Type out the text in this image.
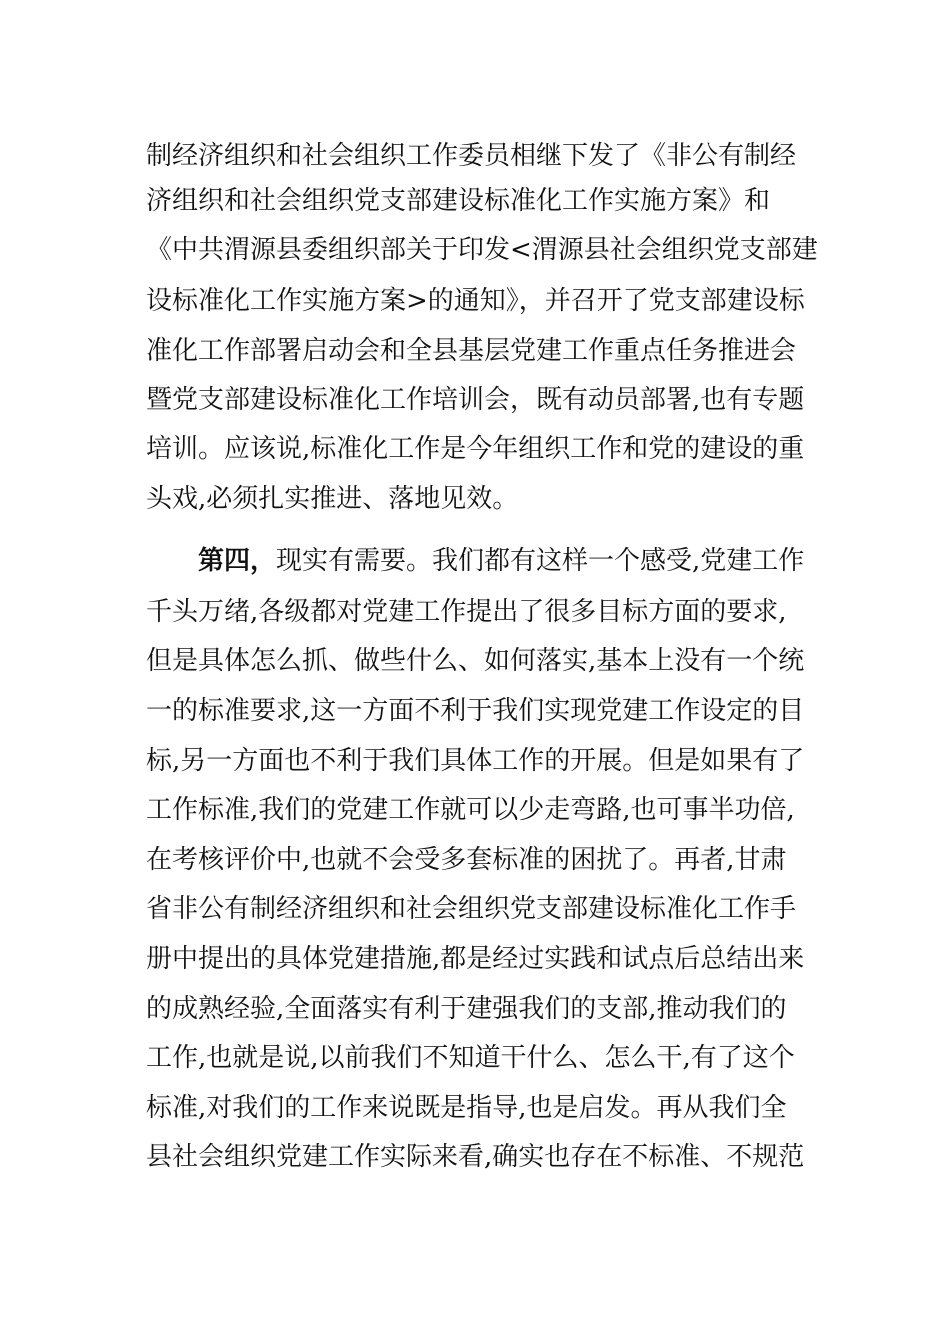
制经济组织和社会组织工作委员相继下发了《非公有制经
济组织和社会组织党支部建设标准化工作实施方案》和
《中共渭源县委组织部关于印发<渭源县社会组织党支部建
设标准化工作实施方案>的通知》，并召开了党支部建设标
准化工作部署启动会和全县基层党建工作重点任务推进会
暨党支部建设标准化工作培训会，既有动员部署,也有专题
培训。应该说,标准化工作是今年组织工作和党的建设的重
头戏,必须扎实推进、落地见效。
第四，现实有需要。我们都有这样一个感受,党建工作
千头万绪,各级都对党建工作提出了很多目标方面的要求,
但是具体怎么抓、做些什么、如何落实,基本上没有一个统
一的标准要求,这一方面不利于我们实现党建工作设定的目
标,另一方面也不利于我们具体工作的开展。但是如果有了
工作标准,我们的党建工作就可以少走弯路,也可事半功倍,
在考核评价中,也就不会受多套标准的困扰了。再者,甘肃
省非公有制经济组织和社会组织党支部建设标准化工作手
册中提出的具体党建措施,都是经过实践和试点后总结出来
的成熟经验,全面落实有利于建强我们的支部,推动我们的
工作,也就是说,以前我们不知道干什么、怎么干,有了这个
标准,对我们的工作来说既是指导,也是启发。再从我们全
县社会组织党建工作实际来看,确实也存在不标准、不规范
